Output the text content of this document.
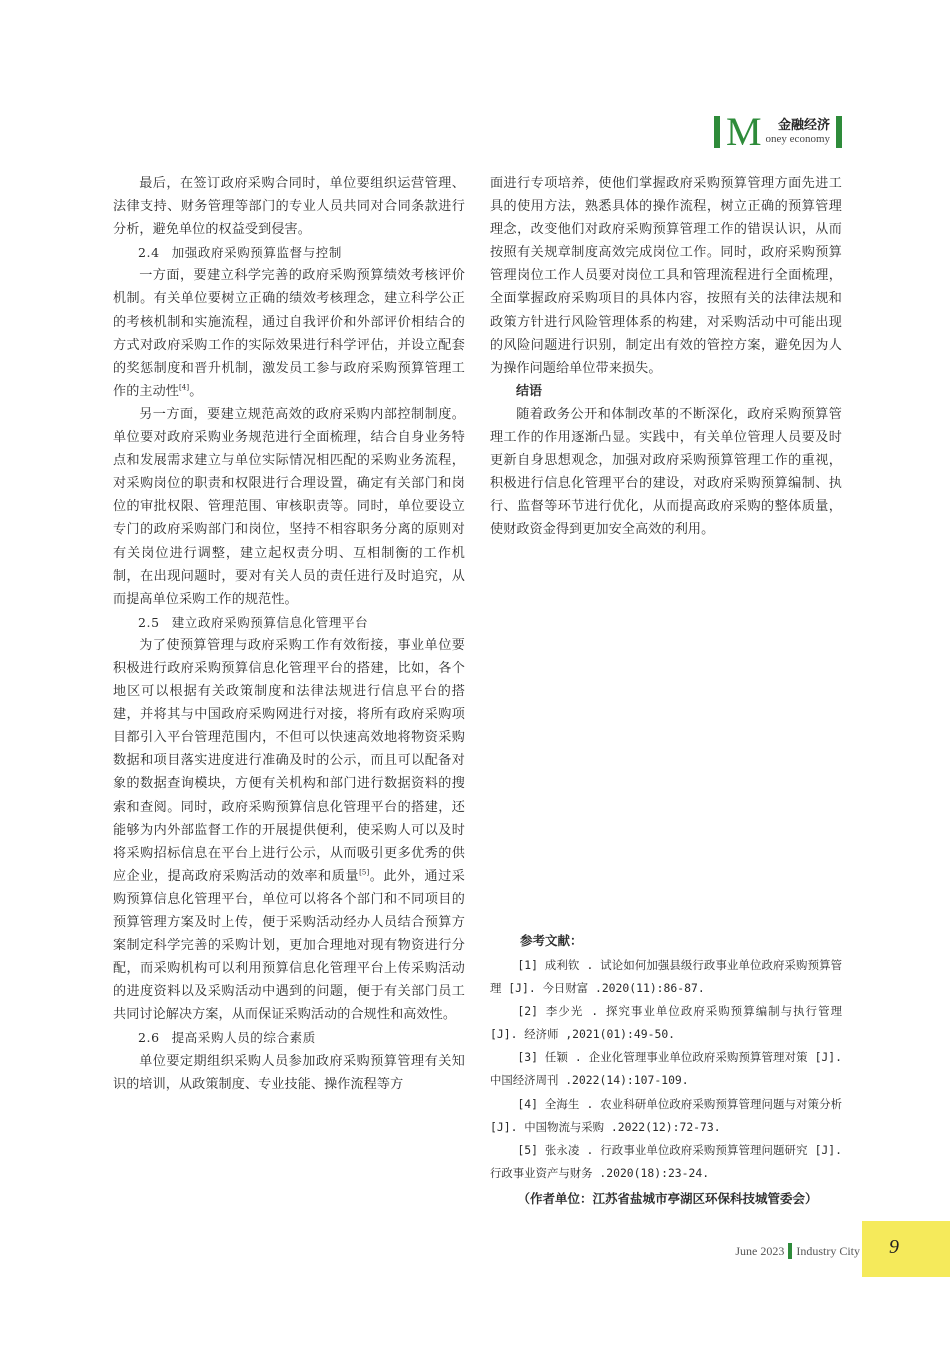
M	金融经济
oney economy

最后，在签订政府采购合同时，单位要组织运营管理、法律支持、财务管理等部门的专业人员共同对合同条款进行分析，避免单位的权益受到侵害。

2.4 加强政府采购预算监督与控制

一方面，要建立科学完善的政府采购预算绩效考核评价机制。有关单位要树立正确的绩效考核理念，建立科学公正的考核机制和实施流程，通过自我评价和外部评价相结合的方式对政府采购工作的实际效果进行科学评估，并设立配套的奖惩制度和晋升机制，激发员工参与政府采购预算管理工作的主动性[4]。

另一方面，要建立规范高效的政府采购内部控制制度。单位要对政府采购业务规范进行全面梳理，结合自身业务特点和发展需求建立与单位实际情况相匹配的采购业务流程，对采购岗位的职责和权限进行合理设置，确定有关部门和岗位的审批权限、管理范围、审核职责等。同时，单位要设立专门的政府采购部门和岗位，坚持不相容职务分离的原则对有关岗位进行调整，建立起权责分明、互相制衡的工作机制，在出现问题时，要对有关人员的责任进行及时追究，从而提高单位采购工作的规范性。

2.5 建立政府采购预算信息化管理平台

为了使预算管理与政府采购工作有效衔接，事业单位要积极进行政府采购预算信息化管理平台的搭建，比如，各个地区可以根据有关政策制度和法律法规进行信息平台的搭建，并将其与中国政府采购网进行对接，将所有政府采购项目都引入平台管理范围内，不但可以快速高效地将物资采购数据和项目落实进度进行准确及时的公示，而且可以配备对象的数据查询模块，方便有关机构和部门进行数据资料的搜索和查阅。同时，政府采购预算信息化管理平台的搭建，还能够为内外部监督工作的开展提供便利，使采购人可以及时将采购招标信息在平台上进行公示，从而吸引更多优秀的供应企业，提高政府采购活动的效率和质量[5]。此外，通过采购预算信息化管理平台，单位可以将各个部门和不同项目的预算管理方案及时上传，便于采购活动经办人员结合预算方案制定科学完善的采购计划，更加合理地对现有物资进行分配，而采购机构可以利用预算信息化管理平台上传采购活动的进度资料以及采购活动中遇到的问题，便于有关部门员工共同讨论解决方案，从而保证采购活动的合规性和高效性。

2.6 提高采购人员的综合素质

单位要定期组织采购人员参加政府采购预算管理有关知识的培训，从政策制度、专业技能、操作流程等方

面进行专项培养，使他们掌握政府采购预算管理方面先进工具的使用方法，熟悉具体的操作流程，树立正确的预算管理理念，改变他们对政府采购预算管理工作的错误认识，从而按照有关规章制度高效完成岗位工作。同时，政府采购预算管理岗位工作人员要对岗位工具和管理流程进行全面梳理，全面掌握政府采购项目的具体内容，按照有关的法律法规和政策方针进行风险管理体系的构建，对采购活动中可能出现的风险问题进行识别，制定出有效的管控方案，避免因为人为操作问题给单位带来损失。

结语

随着政务公开和体制改革的不断深化，政府采购预算管理工作的作用逐渐凸显。实践中，有关单位管理人员要及时更新自身思想观念，加强对政府采购预算管理工作的重视，积极进行信息化管理平台的建设，对政府采购预算编制、执行、监督等环节进行优化，从而提高政府采购的整体质量，使财政资金得到更加安全高效的利用。

参考文献：

[1] 成利钦 . 试论如何加强县级行政事业单位政府采购预算管理 [J]. 今日财富 .2020(11):86-87.

[2] 李少光 . 探究事业单位政府采购预算编制与执行管理 [J]. 经济师 ,2021(01):49-50.

[3] 任颖 . 企业化管理事业单位政府采购预算管理对策 [J]. 中国经济周刊 .2022(14):107-109.

[4] 全海生 . 农业科研单位政府采购预算管理问题与对策分析 [J]. 中国物流与采购 .2022(12):72-73.

[5] 张永凌 . 行政事业单位政府采购预算管理问题研究 [J]. 行政事业资产与财务 .2020(18):23-24.

（作者单位：江苏省盐城市亭湖区环保科技城管委会）

June 2023 Industry City 9
